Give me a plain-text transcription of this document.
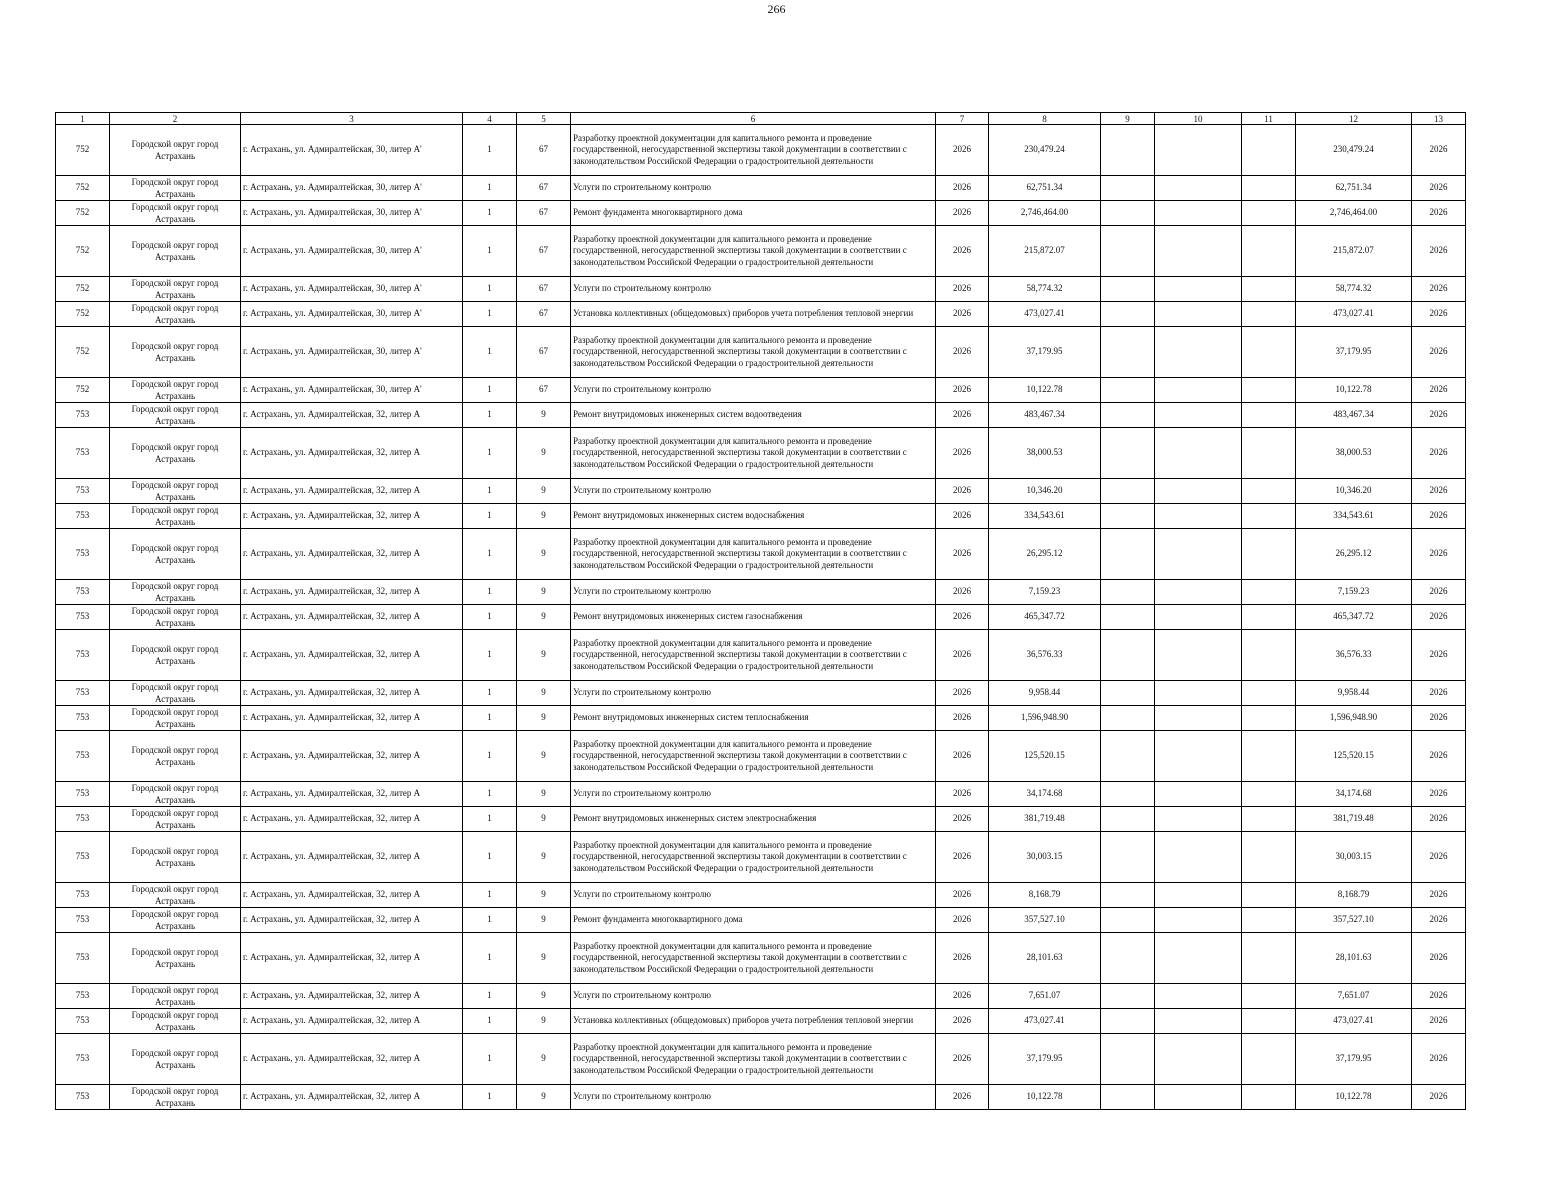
266
1	2	3	4	5	6	7	8	9	10	11	12	13
752	Городской округ город Астрахань	г. Астрахань, ул. Адмиралтейская, 30, литер А'	1	67	Разработку проектной документации для капитального ремонта и проведение государственной, негосударственной экспертизы такой документации в соответствии с законодательством Российской Федерации о градостроительной деятельности	2026	230,479.24				230,479.24	2026
752	Городской округ город Астрахань	г. Астрахань, ул. Адмиралтейская, 30, литер А'	1	67	Услуги по строительному контролю	2026	62,751.34				62,751.34	2026
752	Городской округ город Астрахань	г. Астрахань, ул. Адмиралтейская, 30, литер А'	1	67	Ремонт фундамента многоквартирного дома	2026	2,746,464.00				2,746,464.00	2026
752	Городской округ город Астрахань	г. Астрахань, ул. Адмиралтейская, 30, литер А'	1	67	Разработку проектной документации для капитального ремонта и проведение государственной, негосударственной экспертизы такой документации в соответствии с законодательством Российской Федерации о градостроительной деятельности	2026	215,872.07				215,872.07	2026
752	Городской округ город Астрахань	г. Астрахань, ул. Адмиралтейская, 30, литер А'	1	67	Услуги по строительному контролю	2026	58,774.32				58,774.32	2026
752	Городской округ город Астрахань	г. Астрахань, ул. Адмиралтейская, 30, литер А'	1	67	Установка коллективных (общедомовых) приборов учета потребления тепловой энергии	2026	473,027.41				473,027.41	2026
752	Городской округ город Астрахань	г. Астрахань, ул. Адмиралтейская, 30, литер А'	1	67	Разработку проектной документации для капитального ремонта и проведение государственной, негосударственной экспертизы такой документации в соответствии с законодательством Российской Федерации о градостроительной деятельности	2026	37,179.95				37,179.95	2026
752	Городской округ город Астрахань	г. Астрахань, ул. Адмиралтейская, 30, литер А'	1	67	Услуги по строительному контролю	2026	10,122.78				10,122.78	2026
753	Городской округ город Астрахань	г. Астрахань, ул. Адмиралтейская, 32, литер А	1	9	Ремонт внутридомовых инженерных систем водоотведения	2026	483,467.34				483,467.34	2026
753	Городской округ город Астрахань	г. Астрахань, ул. Адмиралтейская, 32, литер А	1	9	Разработку проектной документации для капитального ремонта и проведение государственной, негосударственной экспертизы такой документации в соответствии с законодательством Российской Федерации о градостроительной деятельности	2026	38,000.53				38,000.53	2026
753	Городской округ город Астрахань	г. Астрахань, ул. Адмиралтейская, 32, литер А	1	9	Услуги по строительному контролю	2026	10,346.20				10,346.20	2026
753	Городской округ город Астрахань	г. Астрахань, ул. Адмиралтейская, 32, литер А	1	9	Ремонт внутридомовых инженерных систем водоснабжения	2026	334,543.61				334,543.61	2026
753	Городской округ город Астрахань	г. Астрахань, ул. Адмиралтейская, 32, литер А	1	9	Разработку проектной документации для капитального ремонта и проведение государственной, негосударственной экспертизы такой документации в соответствии с законодательством Российской Федерации о градостроительной деятельности	2026	26,295.12				26,295.12	2026
753	Городской округ город Астрахань	г. Астрахань, ул. Адмиралтейская, 32, литер А	1	9	Услуги по строительному контролю	2026	7,159.23				7,159.23	2026
753	Городской округ город Астрахань	г. Астрахань, ул. Адмиралтейская, 32, литер А	1	9	Ремонт внутридомовых инженерных систем газоснабжения	2026	465,347.72				465,347.72	2026
753	Городской округ город Астрахань	г. Астрахань, ул. Адмиралтейская, 32, литер А	1	9	Разработку проектной документации для капитального ремонта и проведение государственной, негосударственной экспертизы такой документации в соответствии с законодательством Российской Федерации о градостроительной деятельности	2026	36,576.33				36,576.33	2026
753	Городской округ город Астрахань	г. Астрахань, ул. Адмиралтейская, 32, литер А	1	9	Услуги по строительному контролю	2026	9,958.44				9,958.44	2026
753	Городской округ город Астрахань	г. Астрахань, ул. Адмиралтейская, 32, литер А	1	9	Ремонт внутридомовых инженерных систем теплоснабжения	2026	1,596,948.90				1,596,948.90	2026
753	Городской округ город Астрахань	г. Астрахань, ул. Адмиралтейская, 32, литер А	1	9	Разработку проектной документации для капитального ремонта и проведение государственной, негосударственной экспертизы такой документации в соответствии с законодательством Российской Федерации о градостроительной деятельности	2026	125,520.15				125,520.15	2026
753	Городской округ город Астрахань	г. Астрахань, ул. Адмиралтейская, 32, литер А	1	9	Услуги по строительному контролю	2026	34,174.68				34,174.68	2026
753	Городской округ город Астрахань	г. Астрахань, ул. Адмиралтейская, 32, литер А	1	9	Ремонт внутридомовых инженерных систем электроснабжения	2026	381,719.48				381,719.48	2026
753	Городской округ город Астрахань	г. Астрахань, ул. Адмиралтейская, 32, литер А	1	9	Разработку проектной документации для капитального ремонта и проведение государственной, негосударственной экспертизы такой документации в соответствии с законодательством Российской Федерации о градостроительной деятельности	2026	30,003.15				30,003.15	2026
753	Городской округ город Астрахань	г. Астрахань, ул. Адмиралтейская, 32, литер А	1	9	Услуги по строительному контролю	2026	8,168.79				8,168.79	2026
753	Городской округ город Астрахань	г. Астрахань, ул. Адмиралтейская, 32, литер А	1	9	Ремонт фундамента многоквартирного дома	2026	357,527.10				357,527.10	2026
753	Городской округ город Астрахань	г. Астрахань, ул. Адмиралтейская, 32, литер А	1	9	Разработку проектной документации для капитального ремонта и проведение государственной, негосударственной экспертизы такой документации в соответствии с законодательством Российской Федерации о градостроительной деятельности	2026	28,101.63				28,101.63	2026
753	Городской округ город Астрахань	г. Астрахань, ул. Адмиралтейская, 32, литер А	1	9	Услуги по строительному контролю	2026	7,651.07				7,651.07	2026
753	Городской округ город Астрахань	г. Астрахань, ул. Адмиралтейская, 32, литер А	1	9	Установка коллективных (общедомовых) приборов учета потребления тепловой энергии	2026	473,027.41				473,027.41	2026
753	Городской округ город Астрахань	г. Астрахань, ул. Адмиралтейская, 32, литер А	1	9	Разработку проектной документации для капитального ремонта и проведение государственной, негосударственной экспертизы такой документации в соответствии с законодательством Российской Федерации о градостроительной деятельности	2026	37,179.95				37,179.95	2026
753	Городской округ город Астрахань	г. Астрахань, ул. Адмиралтейская, 32, литер А	1	9	Услуги по строительному контролю	2026	10,122.78				10,122.78	2026
